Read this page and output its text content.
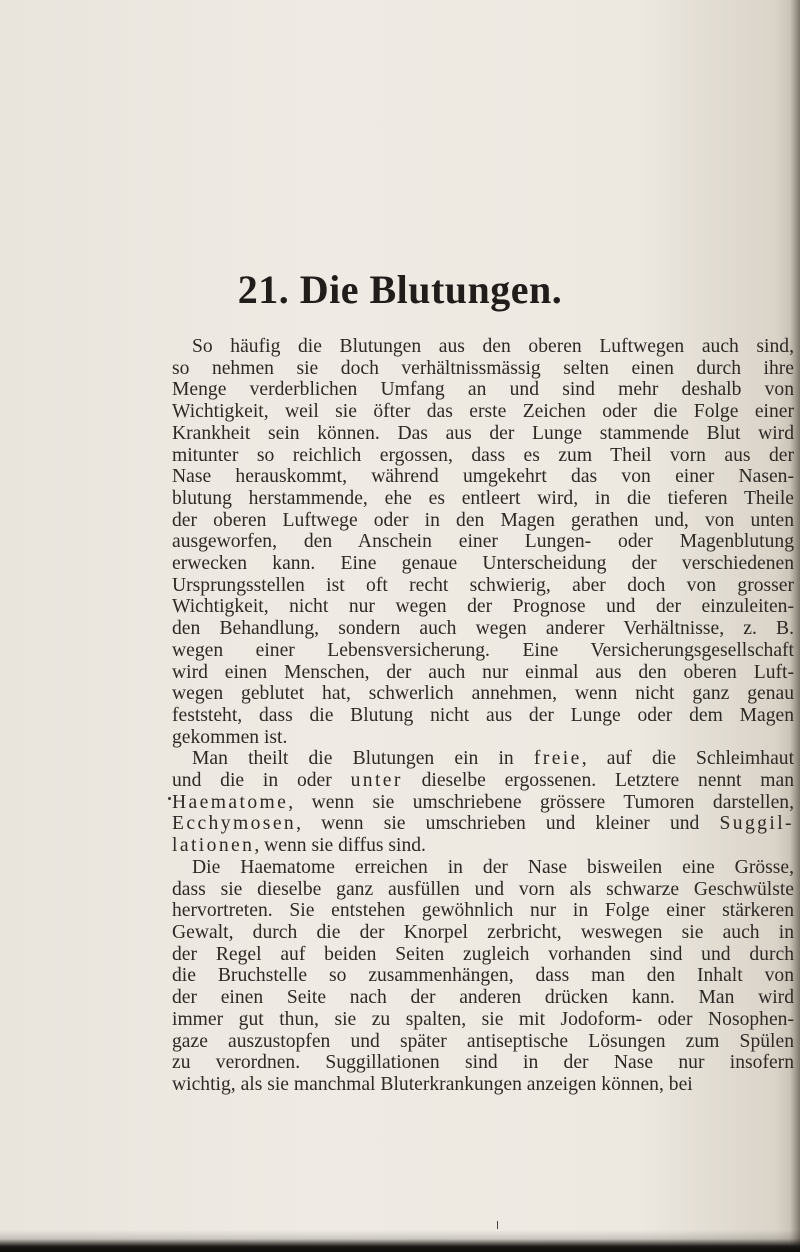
21. Die Blutungen.
So häufig die Blutungen aus den oberen Luftwegen auch sind,
so nehmen sie doch verhältnissmässig selten einen durch ihre
Menge verderblichen Umfang an und sind mehr deshalb von
Wichtigkeit, weil sie öfter das erste Zeichen oder die Folge einer
Krankheit sein können. Das aus der Lunge stammende Blut wird
mitunter so reichlich ergossen, dass es zum Theil vorn aus der
Nase herauskommt, während umgekehrt das von einer Nasen-
blutung herstammende, ehe es entleert wird, in die tieferen Theile
der oberen Luftwege oder in den Magen gerathen und, von unten
ausgeworfen, den Anschein einer Lungen- oder Magenblutung
erwecken kann. Eine genaue Unterscheidung der verschiedenen
Ursprungsstellen ist oft recht schwierig, aber doch von grosser
Wichtigkeit, nicht nur wegen der Prognose und der einzuleiten-
den Behandlung, sondern auch wegen anderer Verhältnisse, z. B.
wegen einer Lebensversicherung. Eine Versicherungsgesellschaft
wird einen Menschen, der auch nur einmal aus den oberen Luft-
wegen geblutet hat, schwerlich annehmen, wenn nicht ganz genau
feststeht, dass die Blutung nicht aus der Lunge oder dem Magen
gekommen ist.
Man theilt die Blutungen ein in freie, auf die Schleimhaut
und die in oder unter dieselbe ergossenen. Letztere nennt man
Haematome, wenn sie umschriebene grössere Tumoren darstellen,
Ecchymosen, wenn sie umschrieben und kleiner und Suggil-
lationen, wenn sie diffus sind.
Die Haematome erreichen in der Nase bisweilen eine Grösse,
dass sie dieselbe ganz ausfüllen und vorn als schwarze Geschwülste
hervortreten. Sie entstehen gewöhnlich nur in Folge einer stärkeren
Gewalt, durch die der Knorpel zerbricht, weswegen sie auch in
der Regel auf beiden Seiten zugleich vorhanden sind und durch
die Bruchstelle so zusammenhängen, dass man den Inhalt von
der einen Seite nach der anderen drücken kann. Man wird
immer gut thun, sie zu spalten, sie mit Jodoform- oder Nosophen-
gaze auszustopfen und später antiseptische Lösungen zum Spülen
zu verordnen. Suggillationen sind in der Nase nur insofern
wichtig, als sie manchmal Bluterkrankungen anzeigen können, bei
